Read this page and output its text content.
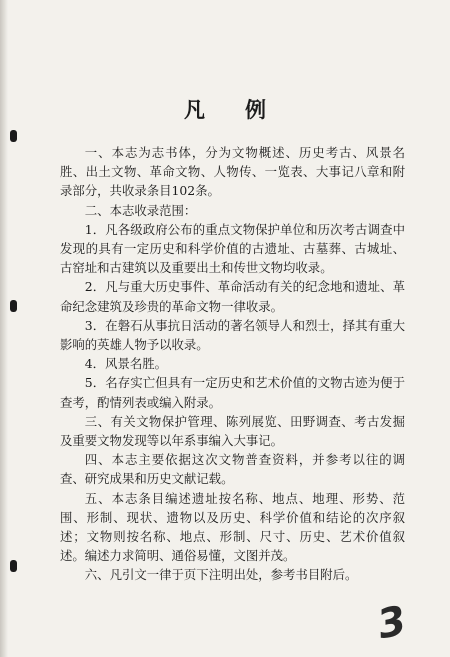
凡 例

一、本志为志书体，分为文物概述、历史考古、风景名胜、出土文物、革命文物、人物传、一览表、大事记八章和附录部分，共收录条目102条。

二、本志收录范围：

1．凡各级政府公布的重点文物保护单位和历次考古调查中发现的具有一定历史和科学价值的古遗址、古墓葬、古城址、古窑址和古建筑以及重要出土和传世文物均收录。

2．凡与重大历史事件、革命活动有关的纪念地和遗址、革命纪念建筑及珍贵的革命文物一律收录。

3．在磐石从事抗日活动的著名领导人和烈士，择其有重大影响的英雄人物予以收录。

4．风景名胜。

5．名存实亡但具有一定历史和艺术价值的文物古迹为便于查考，酌情列表或编入附录。

三、有关文物保护管理、陈列展览、田野调查、考古发掘及重要文物发现等以年系事编入大事记。

四、本志主要依据这次文物普查资料，并参考以往的调查、研究成果和历史文献记载。

五、本志条目编述遗址按名称、地点、地理、形势、范围、形制、现状、遗物以及历史、科学价值和结论的次序叙述；文物则按名称、地点、形制、尺寸、历史、艺术价值叙述。编述力求简明、通俗易懂，文图并茂。

六、凡引文一律于页下注明出处，参考书目附后。

3
